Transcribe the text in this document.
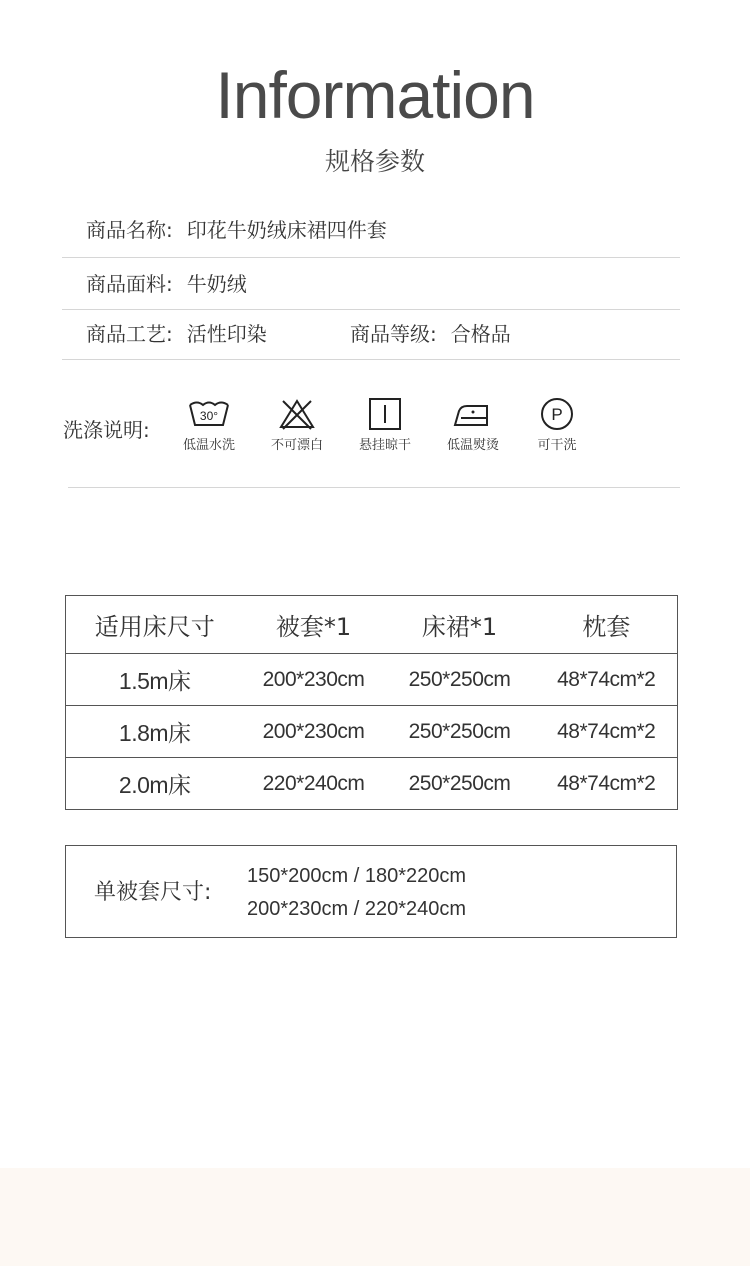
Information
规格参数
商品名称: 印花牛奶绒床裙四件套
商品面料: 牛奶绒
商品工艺: 活性印染	商品等级: 合格品
洗涤说明:
30°
低温水洗	不可漂白	悬挂晾干	低温熨烫
P
可干洗
适用床尺寸	被套*1	床裙*1	枕套
1.5m床	200*230cm	250*250cm	48*74cm*2
1.8m床	200*230cm	250*250cm	48*74cm*2
2.0m床	220*240cm	250*250cm	48*74cm*2
单被套尺寸:
150*200cm / 180*220cm
200*230cm / 220*240cm
